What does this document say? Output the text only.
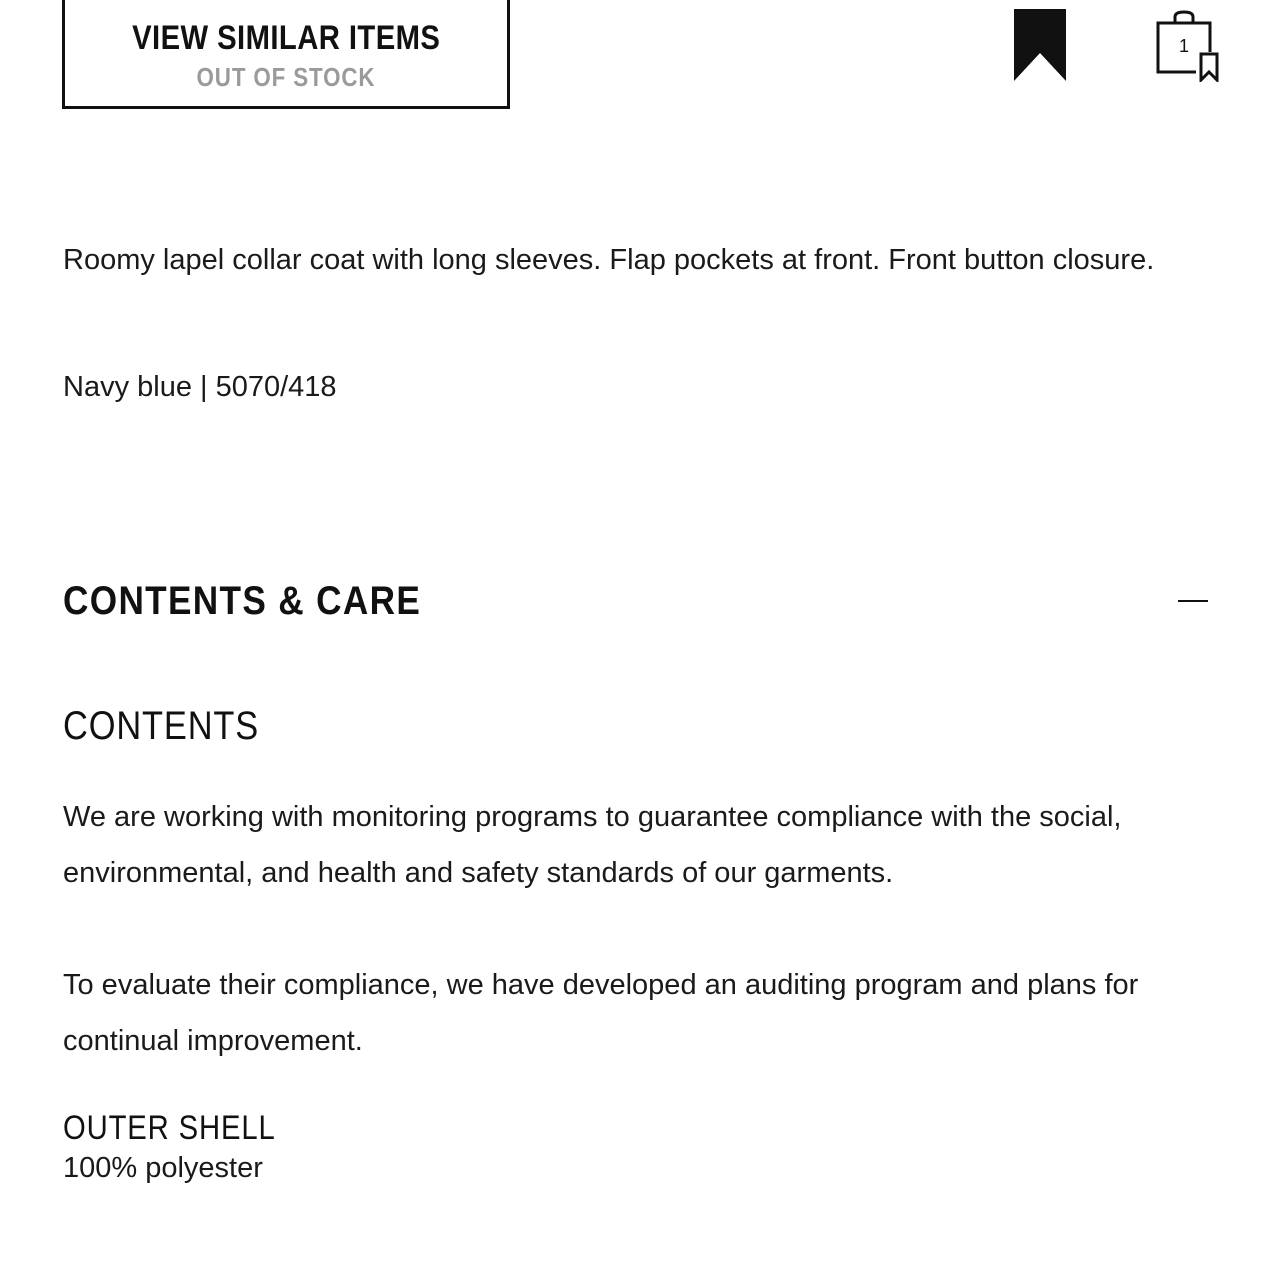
VIEW SIMILAR ITEMS
OUT OF STOCK
1

Roomy lapel collar coat with long sleeves. Flap pockets at front. Front button closure.

Navy blue | 5070/418

CONTENTS & CARE
CONTENTS

We are working with monitoring programs to guarantee compliance with the social, environmental, and health and safety standards of our garments.

To evaluate their compliance, we have developed an auditing program and plans for continual improvement.

OUTER SHELL

100% polyester
